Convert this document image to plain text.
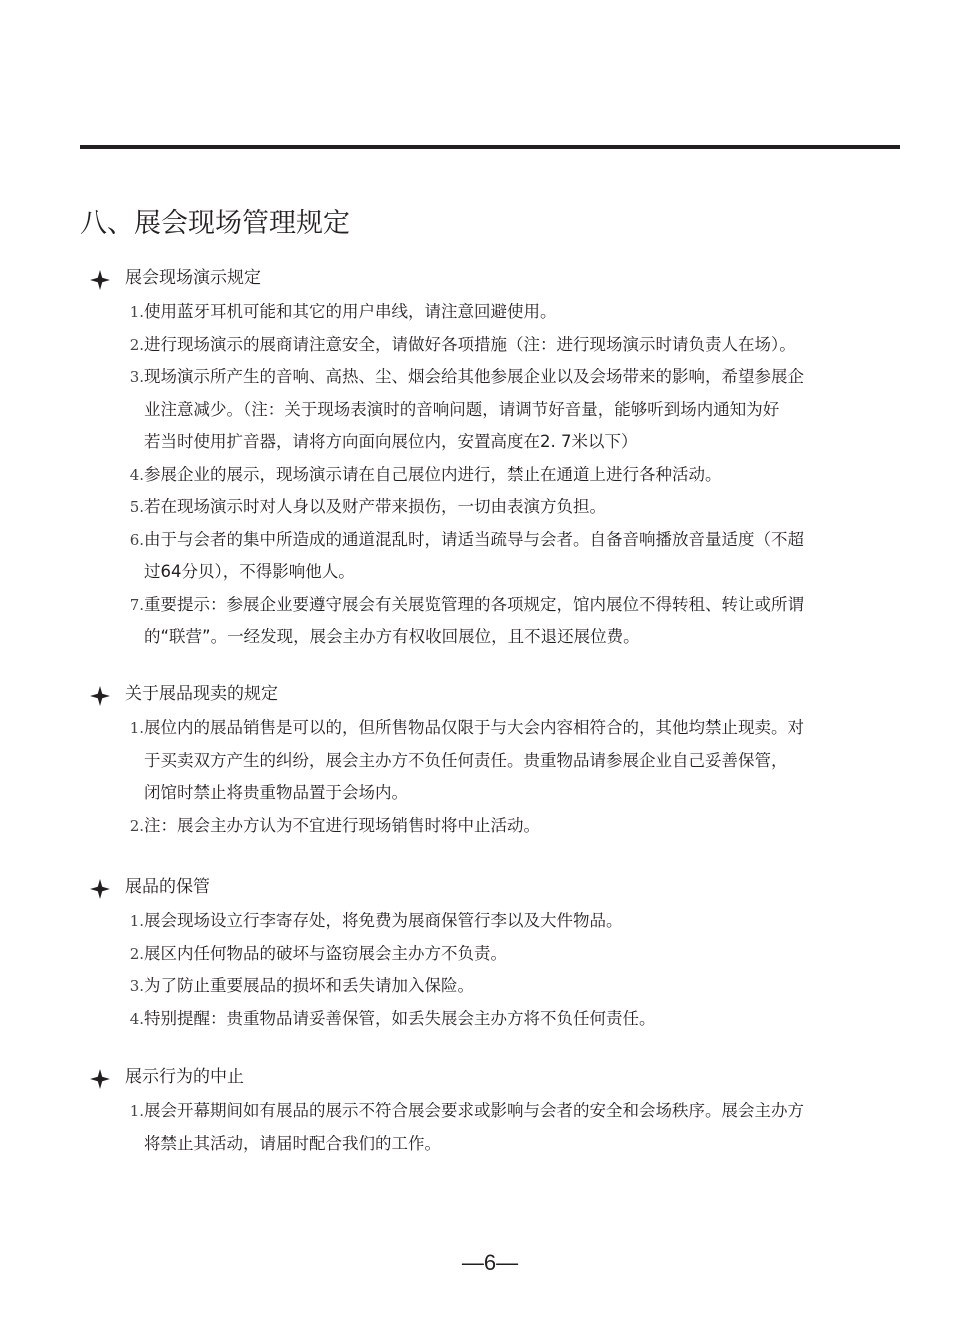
八、展会现场管理规定
展会现场演示规定
1. 使用蓝牙耳机可能和其它的用户串线，请注意回避使用。
2. 进行现场演示的展商请注意安全，请做好各项措施（注：进行现场演示时请负责人在场）。
3. 现场演示所产生的音响、高热、尘、烟会给其他参展企业以及会场带来的影响，希望参展企
业注意减少。（注：关于现场表演时的音响问题，请调节好音量，能够听到场内通知为好
若当时使用扩音器，请将方向面向展位内，安置高度在2. 7米以下）
4. 参展企业的展示，现场演示请在自己展位内进行，禁止在通道上进行各种活动。
5. 若在现场演示时对人身以及财产带来损伤，一切由表演方负担。
6. 由于与会者的集中所造成的通道混乱时，请适当疏导与会者。自备音响播放音量适度（不超
过64分贝），不得影响他人。
7. 重要提示：参展企业要遵守展会有关展览管理的各项规定，馆内展位不得转租、转让或所谓
的“联营”。一经发现，展会主办方有权收回展位，且不退还展位费。
关于展品现卖的规定
1. 展位内的展品销售是可以的，但所售物品仅限于与大会内容相符合的，其他均禁止现卖。对
于买卖双方产生的纠纷，展会主办方不负任何责任。贵重物品请参展企业自己妥善保管，
闭馆时禁止将贵重物品置于会场内。
2. 注：展会主办方认为不宜进行现场销售时将中止活动。
展品的保管
1. 展会现场设立行李寄存处，将免费为展商保管行李以及大件物品。
2. 展区内任何物品的破坏与盗窃展会主办方不负责。
3. 为了防止重要展品的损坏和丢失请加入保险。
4. 特别提醒：贵重物品请妥善保管，如丢失展会主办方将不负任何责任。
展示行为的中止
1. 展会开幕期间如有展品的展示不符合展会要求或影响与会者的安全和会场秩序。展会主办方
将禁止其活动，请届时配合我们的工作。
—6—
